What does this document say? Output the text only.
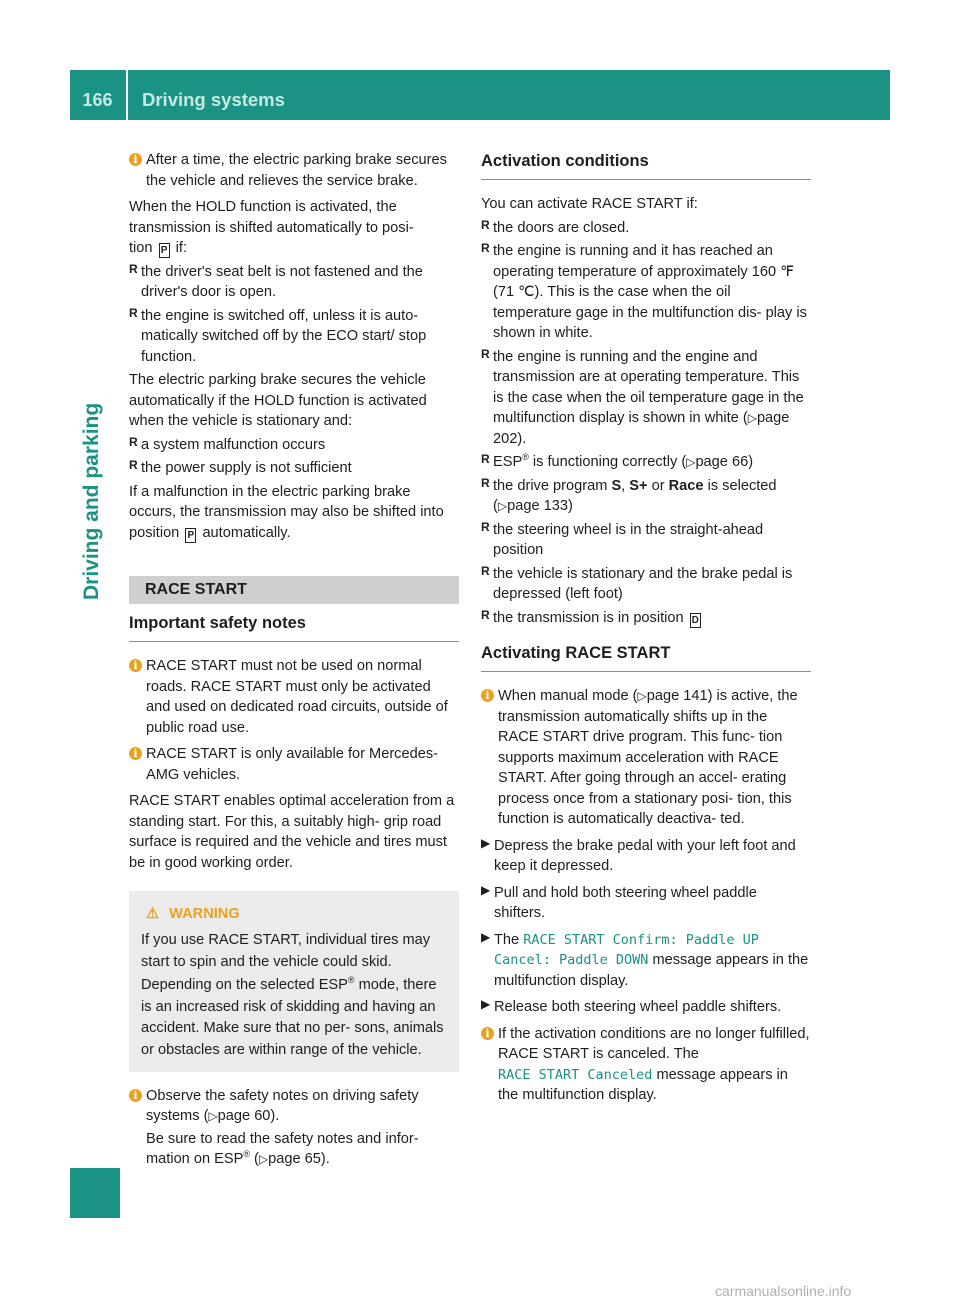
166	Driving systems
Driving and parking
i After a time, the electric parking brake secures the vehicle and relieves the service brake.

When the HOLD function is activated, the transmission is shifted automatically to posi-

tion P if:

R the driver's seat belt is not fastened and the driver's door is open.

R the engine is switched off, unless it is auto- matically switched off by the ECO start/ stop function.

The electric parking brake secures the vehicle automatically if the HOLD function is activated when the vehicle is stationary and:

R a system malfunction occurs

R the power supply is not sufficient

If a malfunction in the electric parking brake occurs, the transmission may also be shifted into position P automatically.

RACE START
Important safety notes
i RACE START must not be used on normal roads. RACE START must only be activated and used on dedicated road circuits, outside of public road use.

i RACE START is only available for Mercedes-AMG vehicles.

RACE START enables optimal acceleration from a standing start. For this, a suitably high- grip road surface is required and the vehicle and tires must be in good working order.

⚠ WARNING

If you use RACE START, individual tires may start to spin and the vehicle could skid.

Depending on the selected ESP® mode, there is an increased risk of skidding and having an accident. Make sure that no per- sons, animals or obstacles are within range of the vehicle.

i Observe the safety notes on driving safety systems (▷page 60).

Be sure to read the safety notes and infor- mation on ESP® (▷page 65).

Activation conditions

You can activate RACE START if:

R the doors are closed.

R the engine is running and it has reached an operating temperature of approximately 160 ℉ (71 ℃). This is the case when the oil temperature gage in the multifunction dis- play is shown in white.

R the engine is running and the engine and transmission are at operating temperature. This is the case when the oil temperature gage in the multifunction display is shown in white (▷page 202).

R ESP® is functioning correctly (▷page 66)

R the drive program S, S+ or Race is selected

(▷page 133)

R the steering wheel is in the straight-ahead position

R the vehicle is stationary and the brake pedal is depressed (left foot)

R the transmission is in position D

Activating RACE START
i When manual mode (▷page 141) is active, the transmission automatically shifts up in the RACE START drive program. This func- tion supports maximum acceleration with RACE START. After going through an accel- erating process once from a stationary posi- tion, this function is automatically deactiva- ted.

▶ Depress the brake pedal with your left foot and keep it depressed.

▶ Pull and hold both steering wheel paddle shifters.

▶ The RACE START Confirm: Paddle UP
Cancel: Paddle DOWN message appears in the multifunction display.

▶ Release both steering wheel paddle shifters.

i If the activation conditions are no longer fulfilled, RACE START is canceled. The
RACE START Canceled message appears in the multifunction display.

carmanualsonline.info
